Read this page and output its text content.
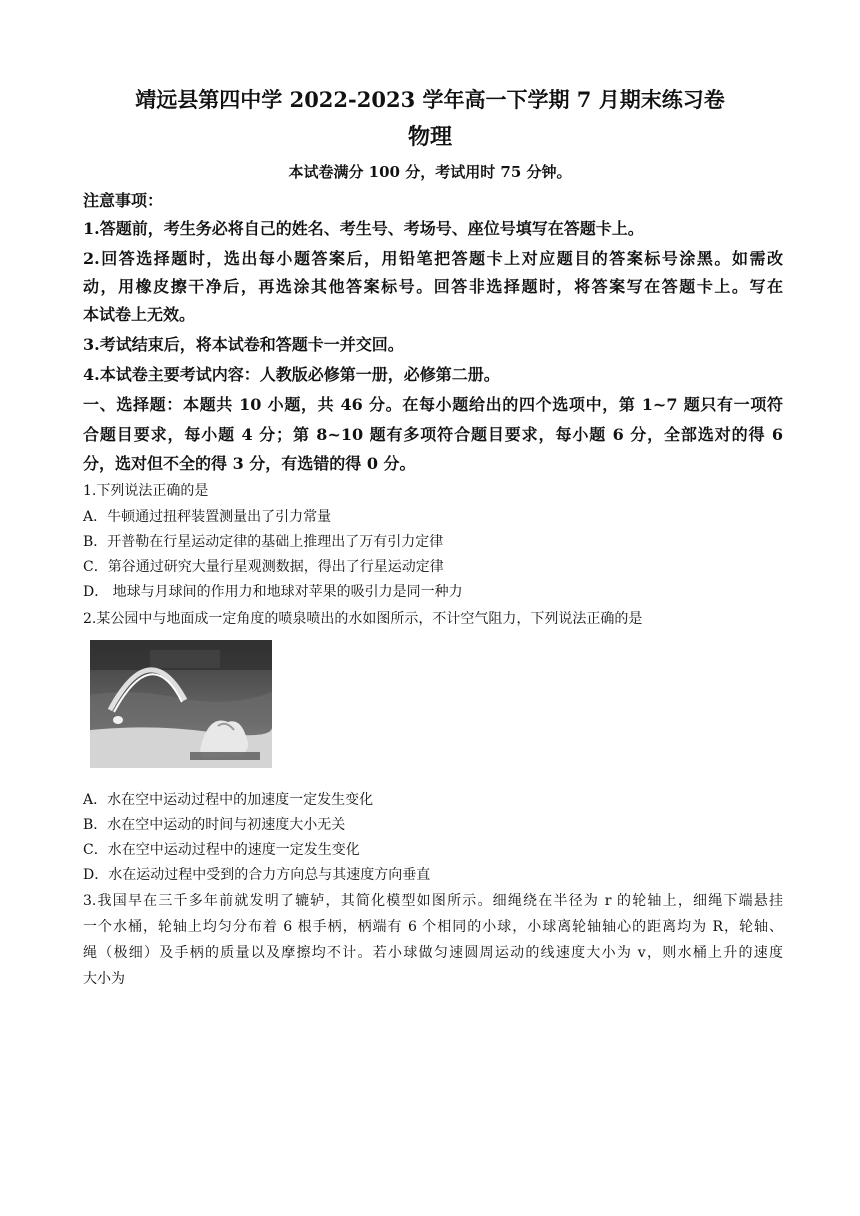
靖远县第四中学 2022-2023 学年高一下学期 7 月期末练习卷
物理
本试卷满分 100 分，考试用时 75 分钟。
注意事项：
1.答题前，考生务必将自己的姓名、考生号、考场号、座位号填写在答题卡上。
2.回答选择题时，选出每小题答案后，用铅笔把答题卡上对应题目的答案标号涂黑。如需改
动，用橡皮擦干净后，再选涂其他答案标号。回答非选择题时，将答案写在答题卡上。写在
本试卷上无效。
3.考试结束后，将本试卷和答题卡一并交回。
4.本试卷主要考试内容：人教版必修第一册，必修第二册。
一、选择题：本题共 10 小题，共 46 分。在每小题给出的四个选项中，第 1~7 题只有一项符
合题目要求，每小题 4 分；第 8~10 题有多项符合题目要求，每小题 6 分，全部选对的得 6
分，选对但不全的得 3 分，有选错的得 0 分。
1.下列说法正确的是
A．牛顿通过扭秤装置测量出了引力常量
B．开普勒在行星运动定律的基础上推理出了万有引力定律
C．第谷通过研究大量行星观测数据，得出了行星运动定律
D． 地球与月球间的作用力和地球对苹果的吸引力是同一种力
2.某公园中与地面成一定角度的喷泉喷出的水如图所示，不计空气阻力，下列说法正确的是
A．水在空中运动过程中的加速度一定发生变化
B．水在空中运动的时间与初速度大小无关
C．水在空中运动过程中的速度一定发生变化
D．水在运动过程中受到的合力方向总与其速度方向垂直
3.我国早在三千多年前就发明了辘轳，其简化模型如图所示。细绳绕在半径为 r 的轮轴上，细绳下端悬挂
一个水桶，轮轴上均匀分布着 6 根手柄，柄端有 6 个相同的小球，小球离轮轴轴心的距离均为 R，轮轴、
绳（极细）及手柄的质量以及摩擦均不计。若小球做匀速圆周运动的线速度大小为 v，则水桶上升的速度
大小为
